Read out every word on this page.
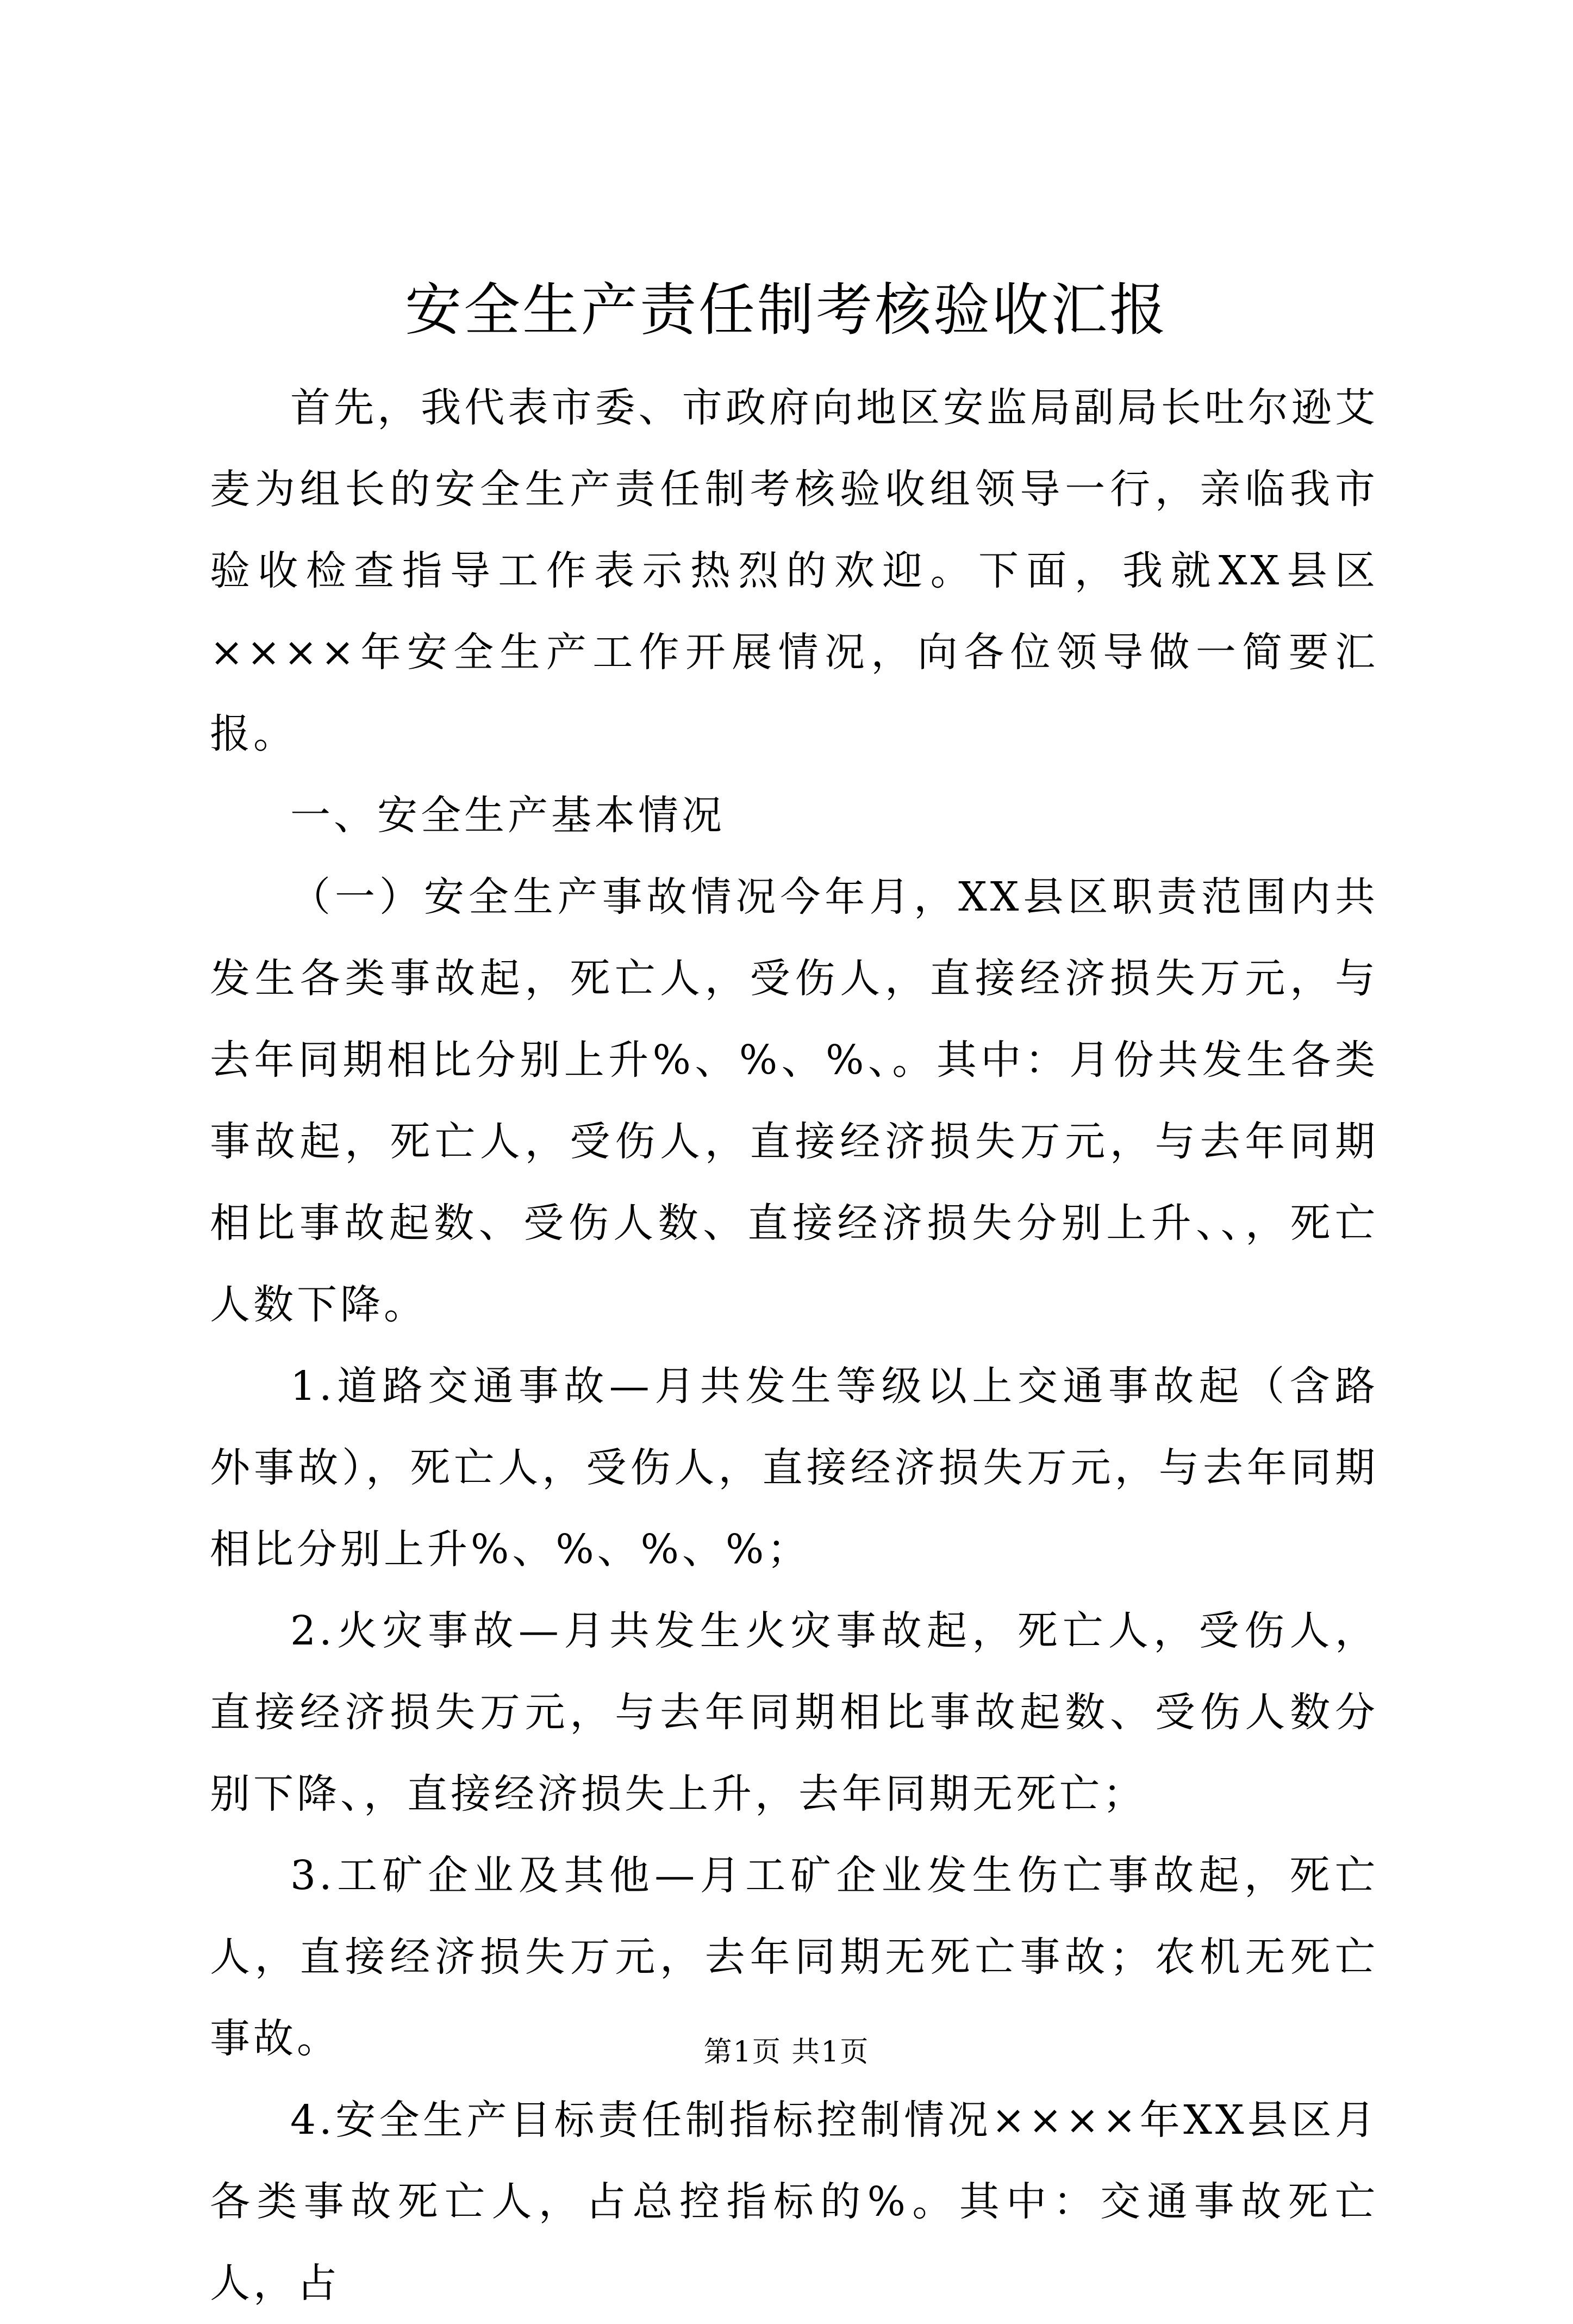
安全生产责任制考核验收汇报

首先，我代表市委、市政府向地区安监局副局长吐尔逊艾麦为组长的安全生产责任制考核验收组领导一行，亲临我市验收检查指导工作表示热烈的欢迎。下面，我就XX县区××××年安全生产工作开展情况，向各位领导做一简要汇报。

一、安全生产基本情况

（一）安全生产事故情况今年月，XX县区职责范围内共发生各类事故起，死亡人，受伤人，直接经济损失万元，与去年同期相比分别上升%、%、%、。其中：月份共发生各类事故起，死亡人，受伤人，直接经济损失万元，与去年同期相比事故起数、受伤人数、直接经济损失分别上升、、，死亡人数下降。

1.道路交通事故—月共发生等级以上交通事故起（含路外事故），死亡人，受伤人，直接经济损失万元，与去年同期相比分别上升%、%、%、%；

2.火灾事故—月共发生火灾事故起，死亡人，受伤人，直接经济损失万元，与去年同期相比事故起数、受伤人数分别下降、，直接经济损失上升，去年同期无死亡；

3.工矿企业及其他—月工矿企业发生伤亡事故起，死亡人，直接经济损失万元，去年同期无死亡事故；农机无死亡事故。

4.安全生产目标责任制指标控制情况××××年XX县区月各类事故死亡人，占总控指标的%。其中：交通事故死亡人，占

第1页 共1页
